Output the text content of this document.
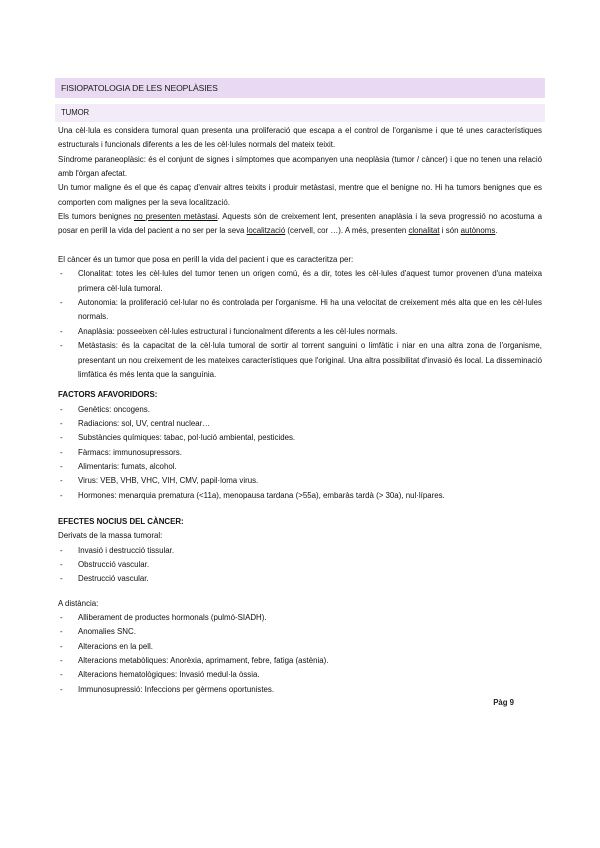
FISIOPATOLOGIA DE LES NEOPLÀSIES
TUMOR

Una cèl·lula es considera tumoral quan presenta una proliferació que escapa a el control de l'organisme i que té unes característiques estructurals i funcionals diferents a les de les cèl·lules normals del mateix teixit.

Síndrome paraneoplàsic: és el conjunt de signes i símptomes que acompanyen una neoplàsia (tumor / càncer) i que no tenen una relació amb l'òrgan afectat.

Un tumor maligne és el que és capaç d'envair altres teixits i produir metàstasi, mentre que el benigne no. Hi ha tumors benignes que es comporten com malignes per la seva localització.

Els tumors benignes no presenten metàstasi. Aquests són de creixement lent, presenten anaplàsia i la seva progressió no acostuma a posar en perill la vida del pacient a no ser per la seva localització (cervell, cor …). A més, presenten clonalitat i són autònoms.

El càncer és un tumor que posa en perill la vida del pacient i que es caracteritza per:

- Clonalitat: totes les cèl·lules del tumor tenen un origen comú, és a dir, totes les cèl·lules d'aquest tumor provenen d'una mateixa primera cèl·lula tumoral.
- Autonomia: la proliferació cel·lular no és controlada per l'organisme. Hi ha una velocitat de creixement més alta que en les cèl·lules normals.
- Anaplàsia: posseeixen cèl·lules estructural i funcionalment diferents a les cèl·lules normals.
- Metàstasis: és la capacitat de la cèl·lula tumoral de sortir al torrent sanguini o limfàtic i niar en una altra zona de l'organisme, presentant un nou creixement de les mateixes característiques que l'original. Una altra possibilitat d'invasió és local. La disseminació limfàtica és més lenta que la sanguínia.

FACTORS AFAVORIDORS:

- Genètics: oncogens.
- Radiacions: sol, UV, central nuclear…
- Substàncies químiques: tabac, pol·lució ambiental, pesticides.
- Fàrmacs: immunosupressors.
- Alimentaris: fumats, alcohol.
- Virus: VEB, VHB, VHC, VIH, CMV, papil·loma virus.
- Hormones: menarquia prematura (<11a), menopausa tardana (>55a), embaràs tardà (> 30a), nul·lípares.

EFECTES NOCIUS DEL CÀNCER:

Derivats de la massa tumoral:

- Invasió i destrucció tissular.
- Obstrucció vascular.
- Destrucció vascular.

A distància:

- Alliberament de productes hormonals (pulmó-SIADH).
- Anomalies SNC.
- Alteracions en la pell.
- Alteracions metabòliques: Anorèxia, aprimament, febre, fatiga (astènia).
- Alteracions hematològiques: Invasió medul·la òssia.
- Immunosupressió: Infeccions per gèrmens oportunistes.
Pàg 9
